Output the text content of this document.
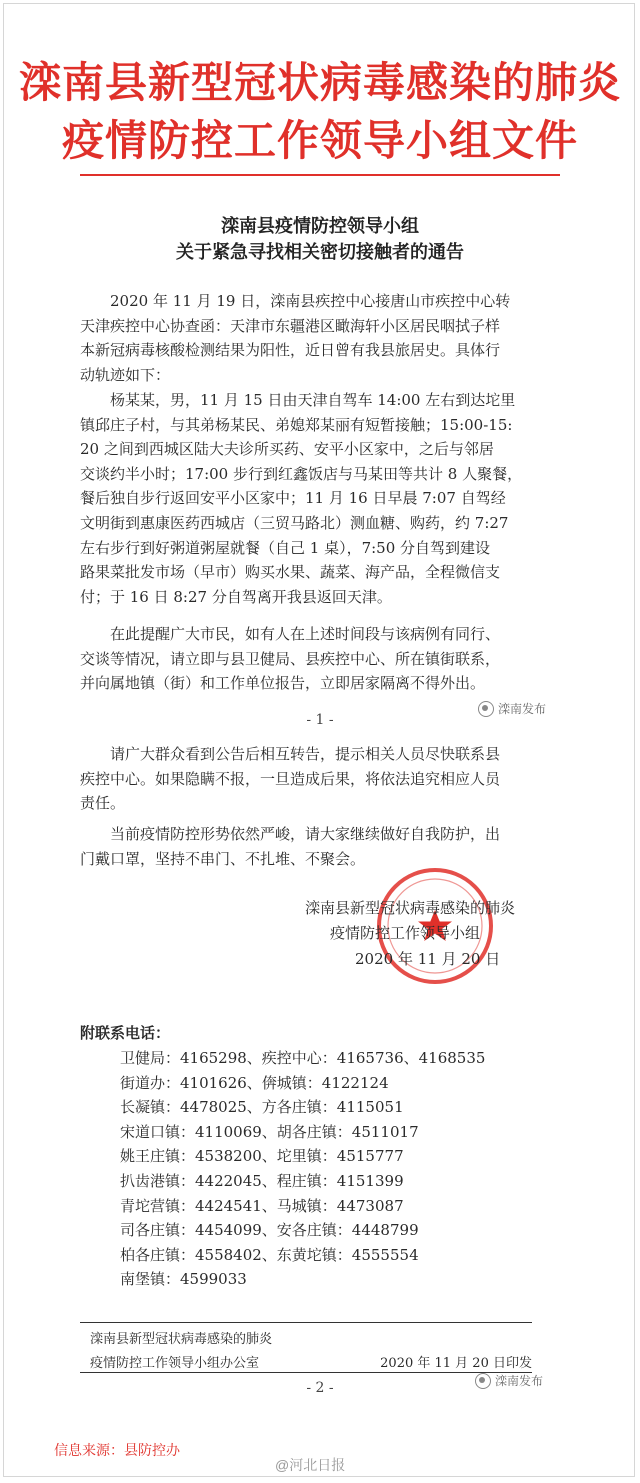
滦南县新型冠状病毒感染的肺炎
疫情防控工作领导小组文件
滦南县疫情防控领导小组
关于紧急寻找相关密切接触者的通告
2020 年 11 月 19 日，滦南县疾控中心接唐山市疾控中心转
天津疾控中心协查函：天津市东疆港区瞰海轩小区居民咽拭子样
本新冠病毒核酸检测结果为阳性，近日曾有我县旅居史。具体行
动轨迹如下：
杨某某，男，11 月 15 日由天津自驾车 14:00 左右到达坨里
镇邱庄子村，与其弟杨某民、弟媳郑某丽有短暂接触；15:00-15:
20 之间到西城区陆大夫诊所买药、安平小区家中，之后与邻居
交谈约半小时；17:00 步行到红鑫饭店与马某田等共计 8 人聚餐，
餐后独自步行返回安平小区家中；11 月 16 日早晨 7:07 自驾经
文明街到惠康医药西城店（三贸马路北）测血糖、购药，约 7:27
左右步行到好粥道粥屋就餐（自己 1 桌），7:50 分自驾到建设
路果菜批发市场（早市）购买水果、蔬菜、海产品，全程微信支
付；于 16 日 8:27 分自驾离开我县返回天津。
在此提醒广大市民，如有人在上述时间段与该病例有同行、
交谈等情况，请立即与县卫健局、县疾控中心、所在镇街联系，
并向属地镇（街）和工作单位报告，立即居家隔离不得外出。
- 1 -
滦南发布
请广大群众看到公告后相互转告，提示相关人员尽快联系县
疾控中心。如果隐瞒不报，一旦造成后果，将依法追究相应人员
责任。
当前疫情防控形势依然严峻，请大家继续做好自我防护，出
门戴口罩，坚持不串门、不扎堆、不聚会。
滦南县新型冠状病毒感染的肺炎
疫情防控工作领导小组
2020 年 11 月 20 日
附联系电话：
卫健局：4165298、疾控中心：4165736、4168535
街道办：4101626、倴城镇：4122124
长凝镇：4478025、方各庄镇：4115051
宋道口镇：4110069、胡各庄镇：4511017
姚王庄镇：4538200、坨里镇：4515777
扒齿港镇：4422045、程庄镇：4151399
青坨营镇：4424541、马城镇：4473087
司各庄镇：4454099、安各庄镇：4448799
柏各庄镇：4558402、东黄坨镇：4555554
南堡镇：4599033
滦南县新型冠状病毒感染的肺炎
疫情防控工作领导小组办公室	2020 年 11 月 20 日印发
- 2 -	滦南发布
信息来源：县防控办
@河北日报
